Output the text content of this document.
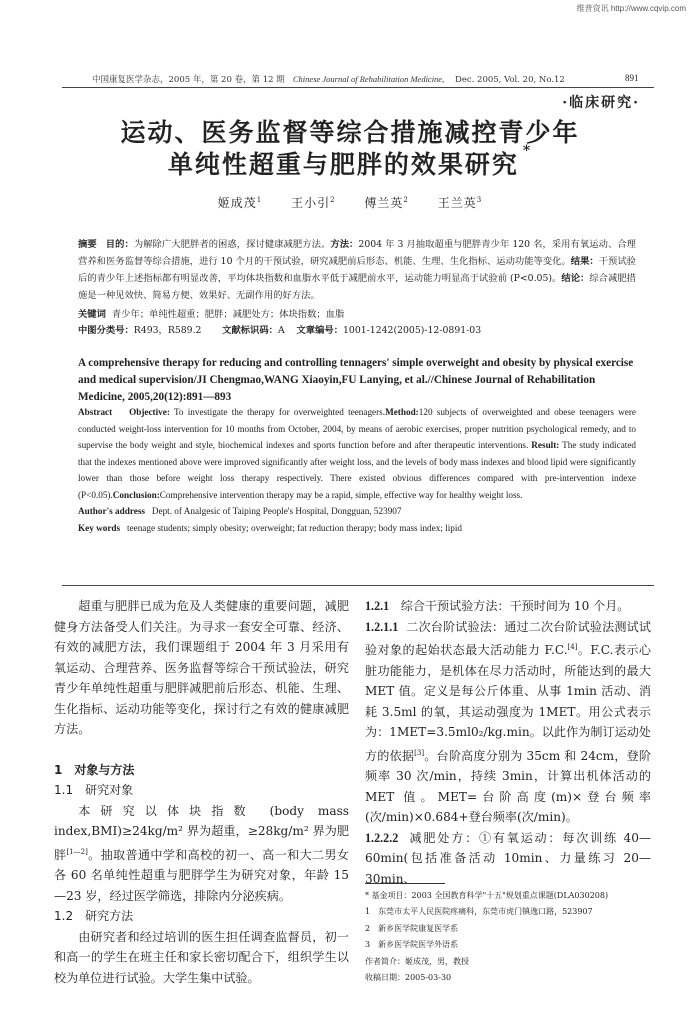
维普资讯 http://www.cqvip.com
中国康复医学杂志，2005 年，第 20 卷，第 12 期 Chinese Journal of Rehabilitation Medicine, Dec. 2005, Vol. 20, No.12	891
·临床研究·
运动、医务监督等综合措施减控青少年
单纯性超重与肥胖的效果研究 *
姬成茂$^1$ 王小引$^2$ 傅兰英$^2$ 王兰英$^3$
摘要 目的：为解除广大肥胖者的困惑，探讨健康减肥方法。方法：2004 年 3 月抽取超重与肥胖青少年 120 名，采用有氧运动、合理营养和医务监督等综合措施，进行 10 个月的干预试验，研究减肥前后形态、机能、生理、生化指标、运动功能等变化。结果：干预试验后的青少年上述指标都有明显改善，平均体块指数和血脂水平低于减肥前水平，运动能力明显高于试验前 (P<0.05)。结论：综合减肥措施是一种见效快、简易方便、效果好、无副作用的好方法。
关键词 青少年；单纯性超重；肥胖；减肥处方；体块指数；血脂
中图分类号：R493，R589.2 文献标识码：A 文章编号：1001-1242(2005)-12-0891-03
A comprehensive therapy for reducing and controlling tennagers' simple overweight and obesity by physical exercise and medical supervision/JI Chengmao,WANG Xiaoyin,FU Lanying, et al.//Chinese Journal of Rehabilitation Medicine, 2005,20(12):891—893
Abstract Objective: To investigate the therapy for overweighted teenagers.Method:120 subjects of overweighted and obese teenagers were conducted weight-loss intervention for 10 months from October, 2004, by means of aerobic exercises, proper nutrition psychological remedy, and to supervise the body weight and style, biochemical indexes and sports function before and after therapeutic interventions. Result: The study indicated that the indexes mentioned above were improved significantly after weight loss, and the levels of body mass indexes and blood lipid were significantly lower than those before weight loss therapy respectively. There existed obvious differences compared with pre-intervention indexe (P<0.05).Conclusion:Comprehensive intervention therapy may be a rapid, simple, effective way for healthy weight loss.
Author's address Dept. of Analgesic of Taiping People's Hospital, Dongguan, 523907
Key words teenage students; simply obesity; overweight; fat reduction therapy; body mass index; lipid

超重与肥胖已成为危及人类健康的重要问题，减肥健身方法备受人们关注。为寻求一套安全可靠、经济、有效的减肥方法，我们课题组于 2004 年 3 月采用有氧运动、合理营养、医务监督等综合干预试验法，研究青少年单纯性超重与肥胖减肥前后形态、机能、生理、生化指标、运动功能等变化，探讨行之有效的健康减肥方法。

1　对象与方法

1.1　研究对象

本研究以体块指数 (body mass index,BMI)≥24kg/m² 界为超重，≥28kg/m² 界为肥胖[1—2]。抽取普通中学和高校的初一、高一和大二男女各 60 名单纯性超重与肥胖学生为研究对象，年龄 15—23 岁，经过医学筛选，排除内分泌疾病。

1.2　研究方法

由研究者和经过培训的医生担任调查监督员，初一和高一的学生在班主任和家长密切配合下，组织学生以校为单位进行试验。大学生集中试验。

1.2.1 综合干预试验方法：干预时间为 10 个月。

1.2.1.1 二次台阶试验法：通过二次台阶试验法测试试验对象的起始状态最大活动能力 F.C.[4]。F.C.表示心脏功能能力，是机体在尽力活动时，所能达到的最大 MET 值。定义是每公斤体重、从事 1min 活动、消耗 3.5ml 的氧，其运动强度为 1MET。用公式表示为：1MET=3.5ml0₂/kg.min。以此作为制订运动处方的依据[3]。台阶高度分别为 35cm 和 24cm，登阶频率 30 次/min，持续 3min，计算出机体活动的 MET 值。MET=台阶高度(m)×登台频率(次/min)×0.684+登台频率(次/min)。

1.2.2.2 减肥处方：①有氧运动：每次训练 40—60min(包括准备活动 10min、力量练习 20—30min、

* 基金项目：2003 全国教育科学"十五"规划重点课题(DLA030208)

1　东莞市太平人民医院疼痛科，东莞市虎门镇逸口路，523907

2　新乡医学院康复医学系

3　新乡医学院医学外语系

作者简介：姬成茂，男，教授

收稿日期：2005-03-30
